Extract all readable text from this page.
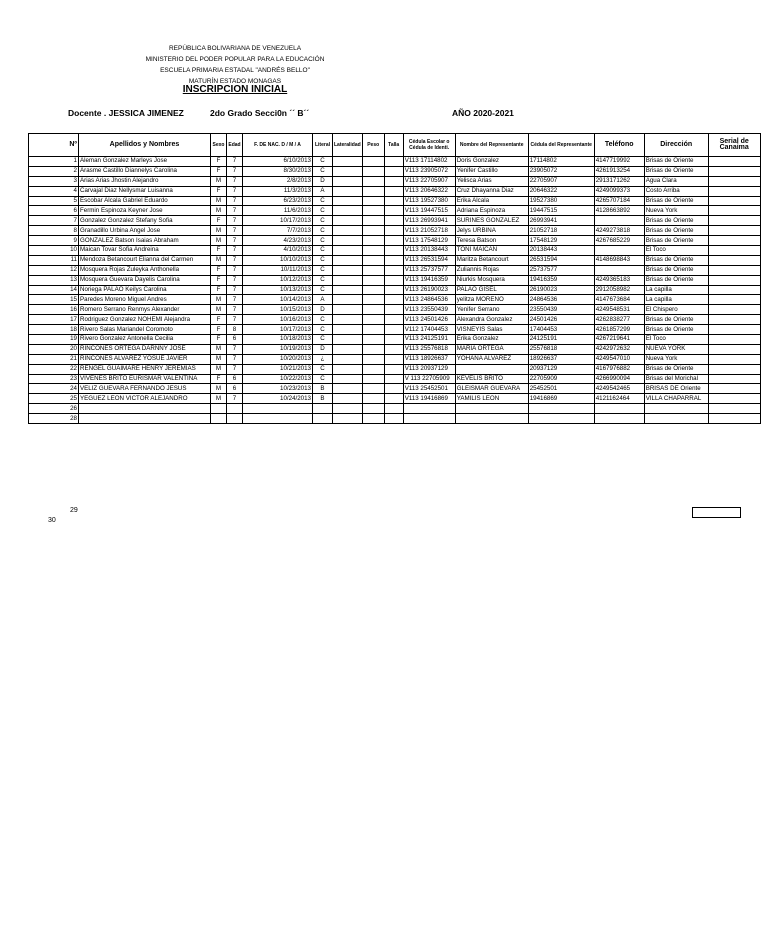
REPÚBLICA BOLIVARIANA DE VENEZUELA
MINISTERIO DEL PODER POPULAR PARA LA EDUCACIÓN
ESCUELA PRIMARIA ESTADAL "ANDRÉS BELLO"
MATURÍN ESTADO MONAGAS
INSCRIPCION INICIAL
Docente . JESSICA JIMENEZ	2do Grado Secci0n ´´ B´´	AÑO 2020-2021
Nº	Apellidos y Nombres	Sexo	Edad	F. DE NAC. D / M / A	Literal	Lateralidad	Peso	Talla	Cédula Escolar o Cédula de Identi.	Nombre del Representante	Cédula del Representante	Teléfono	Dirección	Serial de Canaima
1	Aleman Gonzalez Marleys Jose	F	7	6/10/2013	C				V113 17114802	Doris Gonzalez	17114802	4147719992	Brisas de Oriente	
2	Arasme Castillo Diannelys Carolina	F	7	8/30/2013	C				V113 23905072	Yenifer Castillo	23905072	4261913254	Brisas de Oriente	
3	Arias Arias Jhostin Alejandro	M	7	2/8/2013	D				V113 22705907	Yelisca Arias	22705907	2913171262	Agua Clara	
4	Carvajal Diaz Nellysmar Luisanna	F	7	11/3/2013	A				V113 20646322	Cruz Dhayanna Diaz	20646322	4249099373	Costo Arriba	
5	Escobar Alcala Gabriel Eduardo	M	7	6/23/2013	C				V113 19527380	Erika Alcala	19527380	4265707184	Brisas de Oriente	
6	Fermin Espinoza Keyner Jose	M	7	11/6/2013	C				V113 19447515	Adriana Espinoza	19447515	4128663892	Nueva York	
7	Gonzalez Gonzalez Stefany Sofia	F	7	10/17/2013	C				V113 26993941	SURINES GONZALEZ	26993941		Brisas de Oriente	
8	Granadillo Urbina Angel Jose	M	7	7/7/2013	C				V113 21052718	Jelys URBINA	21052718	4249273818	Brisas de Oriente	
9	GONZALEZ Batson Isaias Abraham	M	7	4/23/2013	C				V113 17548129	Teresa Batson	17548129	4267685229	Brisas de Oriente	
10	Maican Tovar Sofia Andreina	F	7	4/10/2013	C				V113 20138443	TONI MAICAN	20138443		El Toco	
11	Mendoza Betancourt Elianna del Carmen	M	7	10/10/2013	C				V113 26531594	Maritza Betancourt	26531594	4148698843	Brisas de Oriente	
12	Mosquera Rojas Zuleyka Anthonella	F	7	10/11/2013	C				V113 25737577	Zuliannis Rojas	25737577		Brisas de Oriente	
13	Mosquera Guevara Dayelis Carolina	F	7	10/12/2013	C				V113 19416359	Niurkis Mosquera	19416359	4249365183	Brisas de Oriente	
14	Noriega PALAO Keilys Carolina	F	7	10/13/2013	C				V113 26190023	PALAO GISEL	26190023	2912058982	La capilla	
15	Paredes Moreno Miguel Andres	M	7	10/14/2013	A				V113 24864536	yelitza MORENO	24864536	4147673684	La capilla	
16	Romero Serrano Renmys Alexander	M	7	10/15/2013	D				V113 23550439	Yenifer Serrano	23550439	4249548531	El Chispero	
17	Rodriguez Gonzalez NOHEMI Alejandra	F	7	10/16/2013	C				V113 24501426	Alexandra Gonzalez	24501426	4262838277	Brisas de Oriente	
18	Rivero Salas Mariandel Coromoto	F	8	10/17/2013	C				V112 17404453	VISNEYIS Salas	17404453	4261857299	Brisas de Oriente	
19	Rivero Gonzalez Antonella Cecilia	F	6	10/18/2013	C				V113 24125191	Erika Gonzalez	24125191	4267219641	El Toco	
20	RINCONES ORTEGA DARNNY JOSE	M	7	10/19/2013	D				V113 25576818	MARIA ORTEGA	25576818	4242972632	NUEVA YORK	
21	RINCONES ALVAREZ YOSUE JAVIER	M	7	10/20/2013	¿				V113 18926637	YOHANA ALVAREZ	18926637	4249547010	Nueva York	
22	RENGEL GUAIMARE HENRY JEREMIAS	M	7	10/21/2013	C				V113 20937129		20937129	4167976882	Brisas de Oriente	
23	VIVENES BRITO EURISMAR VALENTINA	F	6	10/22/2013	C				V 113 22705909	KEVELIS BRITO	22705909	4266990094	Brisas del Morichal	
24	VELIZ GUEVARA FERNANDO JESUS	M	6	10/23/2013	B				V113 25452501	GLEISMAR GUEVARA	25452501	4249542465	BRISAS DE Oriente	
25	YEGUEZ LEON VICTOR ALEJANDRO	M	7	10/24/2013	B				V113 19416869	YAMILIS LEON	19416869	4121162464	VILLA CHAPARRAL	
26														
28														
29
30
